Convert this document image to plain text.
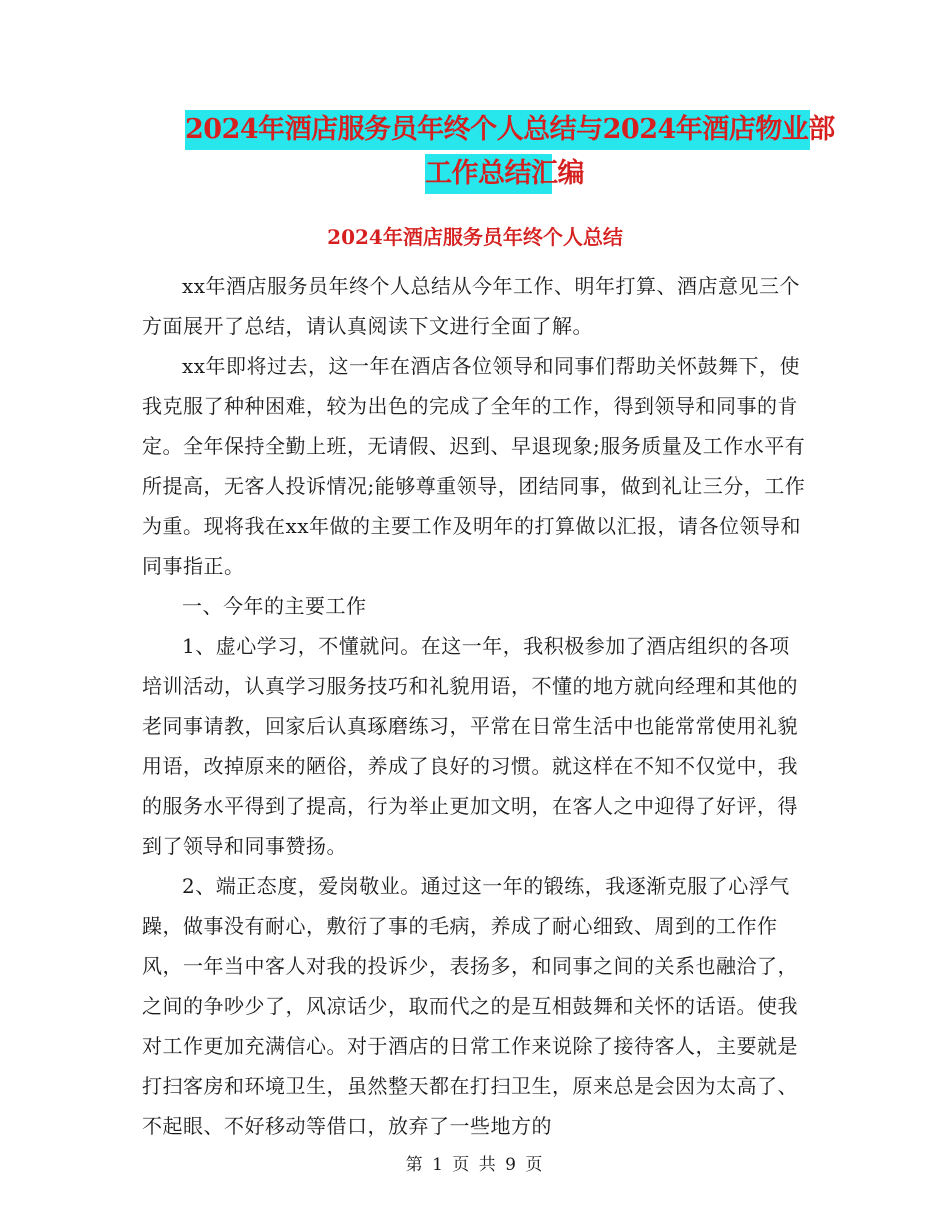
2024年酒店服务员年终个人总结与2024年酒店物业部
工作总结汇编
2024年酒店服务员年终个人总结

xx年酒店服务员年终个人总结从今年工作、明年打算、酒店意见三个方面展开了总结，请认真阅读下文进行全面了解。

xx年即将过去，这一年在酒店各位领导和同事们帮助关怀鼓舞下，使我克服了种种困难，较为出色的完成了全年的工作，得到领导和同事的肯定。全年保持全勤上班，无请假、迟到、早退现象;服务质量及工作水平有所提高，无客人投诉情况;能够尊重领导，团结同事，做到礼让三分，工作为重。现将我在xx年做的主要工作及明年的打算做以汇报，请各位领导和同事指正。

一、今年的主要工作

1、虚心学习，不懂就问。在这一年，我积极参加了酒店组织的各项培训活动，认真学习服务技巧和礼貌用语，不懂的地方就向经理和其他的老同事请教，回家后认真琢磨练习，平常在日常生活中也能常常使用礼貌用语，改掉原来的陋俗，养成了良好的习惯。就这样在不知不仅觉中，我的服务水平得到了提高，行为举止更加文明，在客人之中迎得了好评，得到了领导和同事赞扬。

2、端正态度，爱岗敬业。通过这一年的锻练，我逐渐克服了心浮气躁，做事没有耐心，敷衍了事的毛病，养成了耐心细致、周到的工作作风，一年当中客人对我的投诉少，表扬多，和同事之间的关系也融洽了，之间的争吵少了，风凉话少，取而代之的是互相鼓舞和关怀的话语。使我对工作更加充满信心。对于酒店的日常工作来说除了接待客人，主要就是打扫客房和环境卫生，虽然整天都在打扫卫生，原来总是会因为太高了、不起眼、不好移动等借口，放弃了一些地方的

第 1 页 共 9 页
